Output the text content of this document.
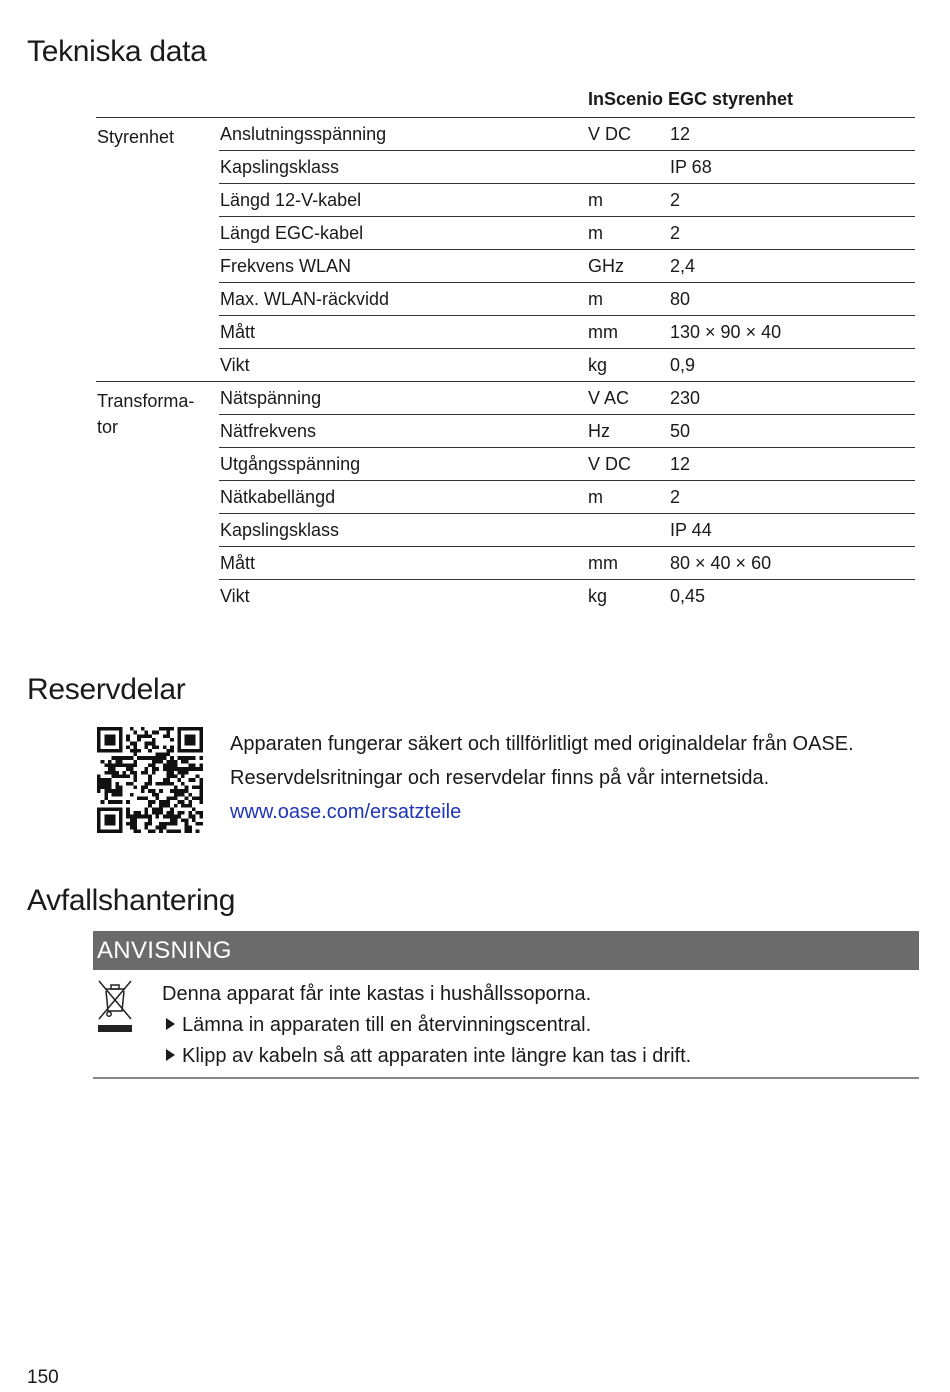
Tekniska data
InScenio EGC styrenhet
Styrenhet	Anslutningsspänning	V DC 12
Kapslingsklass	IP 68
Längd 12-V-kabel	m	2
Längd EGC-kabel	m	2
Frekvens WLAN	GHz	2,4
Max. WLAN-räckvidd	m	80
Mått	mm	130 × 90 × 40
Vikt	kg	0,9
Transforma-
tor
Nätspänning	V AC 230
Nätfrekvens	Hz	50
Utgångsspänning	V DC 12
Nätkabellängd	m	2
Kapslingsklass	IP 44
Mått	mm	80 × 40 × 60
Vikt	kg	0,45
Reservdelar
Apparaten fungerar säkert och tillförlitligt med originaldelar från OASE.
Reservdelsritningar och reservdelar finns på vår internetsida.
www.oase.com/ersatzteile
Avfallshantering
ANVISNING
Denna apparat får inte kastas i hushållssoporna.
Lämna in apparaten till en återvinningscentral.
Klipp av kabeln så att apparaten inte längre kan tas i drift.
150
